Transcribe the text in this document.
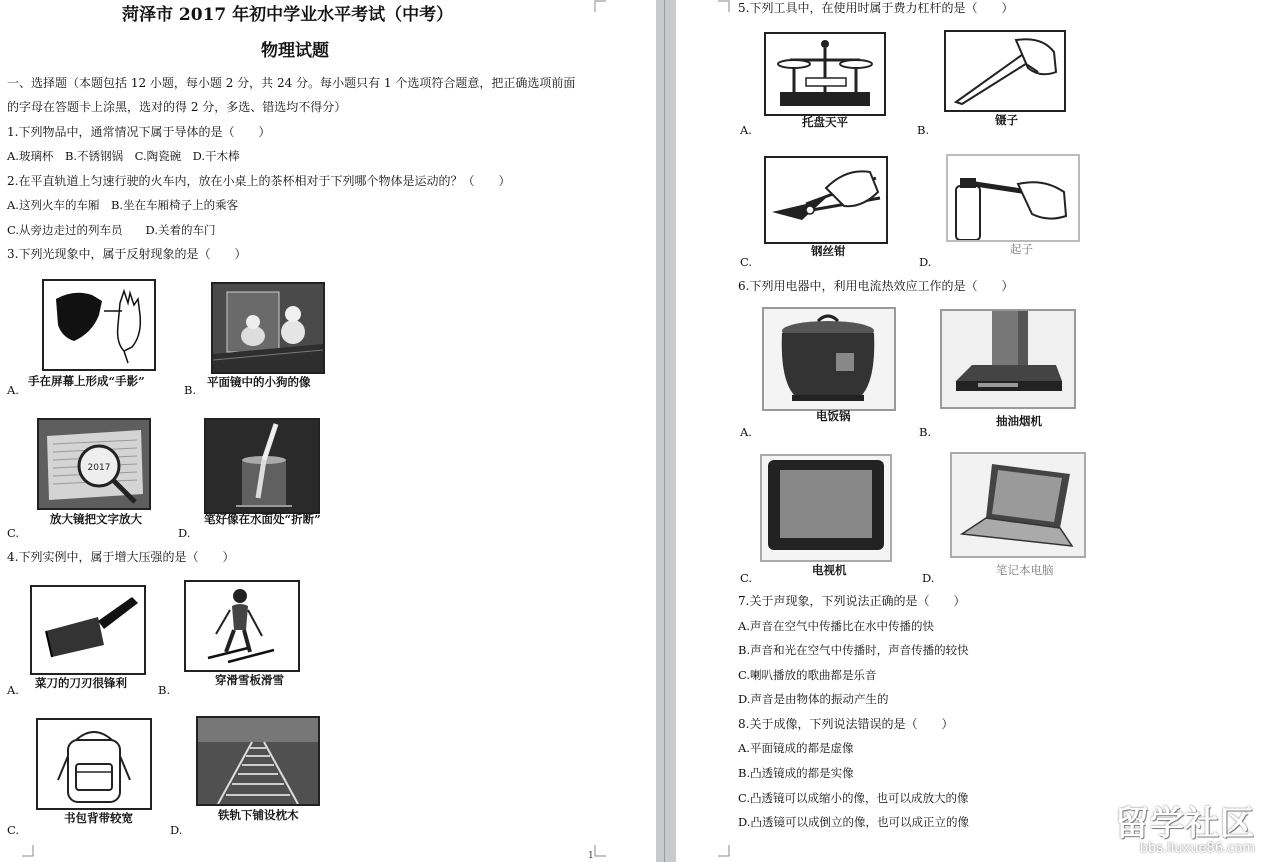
菏泽市 2017 年初中学业水平考试（中考）
物理试题
一、选择题（本题包括 12 小题，每小题 2 分，共 24 分。每小题只有 1 个选项符合题意，把正确选项前面
的字母在答题卡上涂黑，选对的得 2 分，多选、错选均不得分）
1.下列物品中，通常情况下属于导体的是（　　）
A.玻璃杯　B.不锈钢锅　C.陶瓷碗　D.干木棒
2.在平直轨道上匀速行驶的火车内，放在小桌上的茶杯相对于下列哪个物体是运动的？（　　）
A.这列火车的车厢　B.坐在车厢椅子上的乘客
C.从旁边走过的列车员　　D.关着的车门
3.下列光现象中，属于反射现象的是（　　）
A.
手在屏幕上形成“手影”
B.
平面镜中的小狗的像
2017
C.
放大镜把文字放大
D.
笔好像在水面处“折断”
4.下列实例中，属于增大压强的是（　　）
A. 菜刀的刀刃很锋利	B.
穿滑雪板滑雪
C.
书包背带较宽
D.
铁轨下铺设枕木
1
5.下列工具中，在使用时属于费力杠杆的是（　　）
A.
托盘天平
B.
镊子
C.
钢丝钳
D.
起子
6.下列用电器中，利用电流热效应工作的是（　　）
A.
电饭锅
B.
抽油烟机
C.
电视机
D.
笔记本电脑
7.关于声现象，下列说法正确的是（　　）
A.声音在空气中传播比在水中传播的快
B.声音和光在空气中传播时，声音传播的较快
C.喇叭播放的歌曲都是乐音
D.声音是由物体的振动产生的
8.关于成像，下列说法错误的是（　　）
A.平面镜成的都是虚像
B.凸透镜成的都是实像
C.凸透镜可以成缩小的像，也可以成放大的像
D.凸透镜可以成倒立的像，也可以成正立的像	留学社区
bbs.liuxue86.com
